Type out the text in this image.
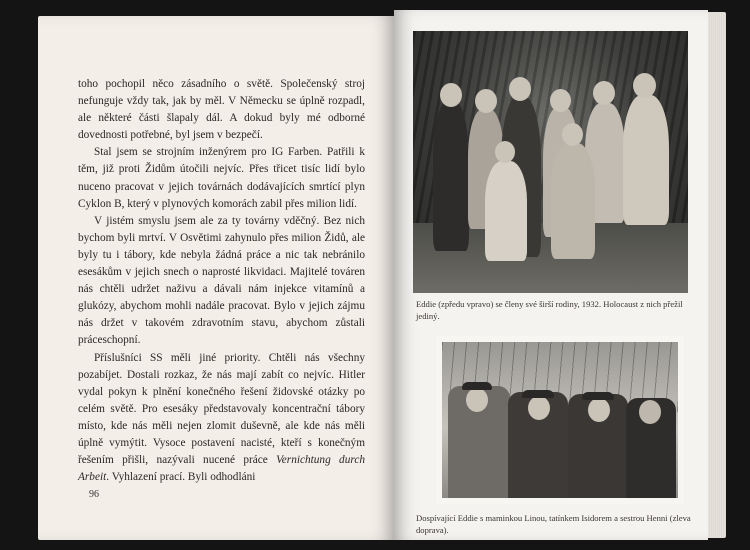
toho pochopil něco zásadního o světě. Společenský stroj nefunguje vždy tak, jak by měl. V Německu se úplně rozpadl, ale některé části šlapaly dál. A dokud byly mé odborné dovednosti potřebné, byl jsem v bezpečí.

Stal jsem se strojním inženýrem pro IG Farben. Patřili k těm, již proti Židům útočili nejvíc. Přes třicet tisíc lidí bylo nuceno pracovat v jejich továrnách dodávajících smrtící plyn Cyklon B, který v plynových komorách zabil přes milion lidí.

V jistém smyslu jsem ale za ty továrny vděčný. Bez nich bychom byli mrtví. V Osvětimi zahynulo přes milion Židů, ale byly tu i tábory, kde nebyla žádná práce a nic tak nebránilo esesákům v jejich snech o naprosté likvidaci. Majitelé továren nás chtěli udržet naživu a dávali nám injekce vitamínů a glukózy, abychom mohli nadále pracovat. Bylo v jejich zájmu nás držet v takovém zdravotním stavu, abychom zůstali práceschopní.

Příslušníci SS měli jiné priority. Chtěli nás všechny pozabíjet. Dostali rozkaz, že nás mají zabít co nejvíc. Hitler vydal pokyn k plnění konečného řešení židovské otázky po celém světě. Pro esesáky představovaly koncentrační tábory místo, kde nás měli nejen zlomit duševně, ale kde nás měli úplně vymýtit. Vysoce postavení nacisté, kteří s konečným řešením přišli, nazývali nucené práce Vernichtung durch Arbeit. Vyhlazení prací. Byli odhodláni

96
Eddie (zpředu vpravo) se členy své širší rodiny, 1932. Holocaust z nich přežil jediný.
Dospívající Eddie s maminkou Linou, tatínkem Isidorem a sestrou Henni (zleva doprava).
